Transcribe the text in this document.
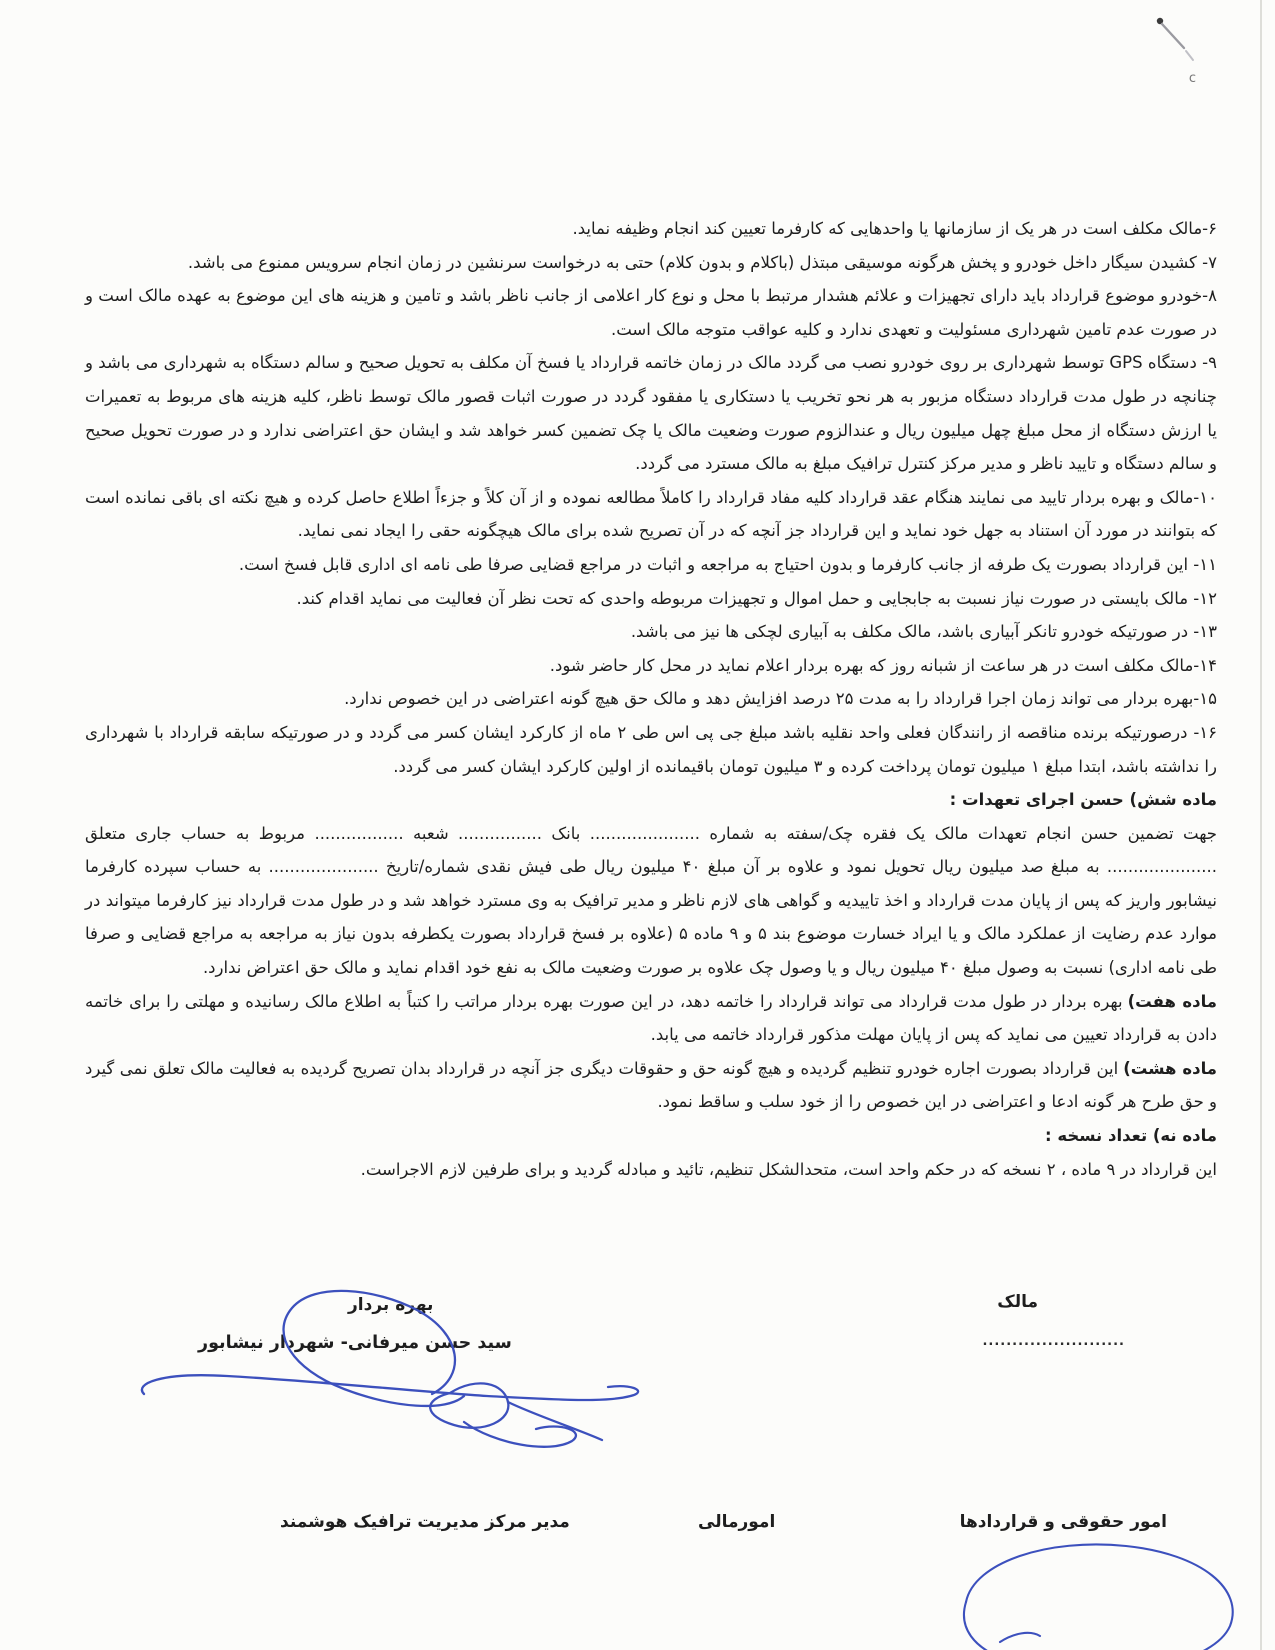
c

۶-مالک مکلف است در هر یک از سازمانها یا واحدهایی که کارفرما تعیین کند انجام وظیفه نماید.

۷- کشیدن سیگار داخل خودرو و پخش هرگونه موسیقی مبتذل (باکلام و بدون کلام) حتی به درخواست سرنشین در زمان انجام سرویس ممنوع می باشد.

۸-خودرو موضوع قرارداد باید دارای تجهیزات و علائم هشدار مرتبط با محل و نوع کار اعلامی از جانب ناظر باشد و تامین و هزینه های این موضوع به عهده مالک است و در صورت عدم تامین شهرداری مسئولیت و تعهدی ندارد و کلیه عواقب متوجه مالک است.

۹- دستگاه GPS توسط شهرداری بر روی خودرو نصب می گردد مالک در زمان خاتمه قرارداد یا فسخ آن مکلف به تحویل صحیح و سالم دستگاه به شهرداری می باشد و چنانچه در طول مدت قرارداد دستگاه مزبور به هر نحو تخریب یا دستکاری یا مفقود گردد در صورت اثبات قصور مالک توسط ناظر، کلیه هزینه های مربوط به تعمیرات یا ارزش دستگاه از محل مبلغ چهل میلیون ریال و عندالزوم صورت وضعیت مالک یا چک تضمین کسر خواهد شد و ایشان حق اعتراضی ندارد و در صورت تحویل صحیح و سالم دستگاه و تایید ناظر و مدیر مرکز کنترل ترافیک مبلغ به مالک مسترد می گردد.

۱۰-مالک و بهره بردار تایید می نمایند هنگام عقد قرارداد کلیه مفاد قرارداد را کاملاً مطالعه نموده و از آن کلاً و جزءاً اطلاع حاصل کرده و هیچ نکته ای باقی نمانده است که بتوانند در مورد آن استناد به جهل خود نماید و این قرارداد جز آنچه که در آن تصریح شده برای مالک هیچگونه حقی را ایجاد نمی نماید.

۱۱- این قرارداد بصورت یک طرفه از جانب کارفرما و بدون احتیاج به مراجعه و اثبات در مراجع قضایی صرفا طی نامه ای اداری قابل فسخ است.

۱۲- مالک بایستی در صورت نیاز نسبت به جابجایی و حمل اموال و تجهیزات مربوطه واحدی که تحت نظر آن فعالیت می نماید اقدام کند.

۱۳- در صورتیکه خودرو تانکر آبیاری باشد، مالک مکلف به آبیاری لچکی ها نیز می باشد.

۱۴-مالک مکلف است در هر ساعت از شبانه روز که بهره بردار اعلام نماید در محل کار حاضر شود.

۱۵-بهره بردار می تواند زمان اجرا قرارداد را به مدت ۲۵ درصد افزایش دهد و مالک حق هیچ گونه اعتراضی در این خصوص ندارد.

۱۶- درصورتیکه برنده مناقصه از رانندگان فعلی واحد نقلیه باشد مبلغ جی پی اس طی ۲ ماه از کارکرد ایشان کسر می گردد و در صورتیکه سابقه قرارداد با شهرداری را نداشته باشد، ابتدا مبلغ ۱ میلیون تومان پرداخت کرده و ۳ میلیون تومان باقیمانده از اولین کارکرد ایشان کسر می گردد.

ماده شش) حسن اجرای تعهدات :

جهت تضمین حسن انجام تعهدات مالک یک فقره چک/سفته به شماره ..................... بانک ................ شعبه ................. مربوط به حساب جاری متعلق ..................... به مبلغ صد میلیون ریال تحویل نمود و علاوه بر آن مبلغ ۴۰ میلیون ریال طی فیش نقدی شماره/تاریخ ..................... به حساب سپرده کارفرما نیشابور واریز که پس از پایان مدت قرارداد و اخذ تاییدیه و گواهی های لازم ناظر و مدیر ترافیک به وی مسترد خواهد شد و در طول مدت قرارداد نیز کارفرما میتواند در موارد عدم رضایت از عملکرد مالک و یا ایراد خسارت موضوع بند ۵ و ۹ ماده ۵ (علاوه بر فسخ قرارداد بصورت یکطرفه بدون نیاز به مراجعه به مراجع قضایی و صرفا طی نامه اداری) نسبت به وصول مبلغ ۴۰ میلیون ریال و یا وصول چک علاوه بر صورت وضعیت مالک به نفع خود اقدام نماید و مالک حق اعتراض ندارد.

ماده هفت)بهره بردار در طول مدت قرارداد می تواند قرارداد را خاتمه دهد، در این صورت بهره بردار مراتب را کتباً به اطلاع مالک رسانیده و مهلتی را برای خاتمه دادن به قرارداد تعیین می نماید که پس از پایان مهلت مذکور قرارداد خاتمه می یابد.

ماده هشت)این قرارداد بصورت اجاره خودرو تنظیم گردیده و هیچ گونه حق و حقوقات دیگری جز آنچه در قرارداد بدان تصریح گردیده به فعالیت مالک تعلق نمی گیرد و حق طرح هر گونه ادعا و اعتراضی در این خصوص را از خود سلب و ساقط نمود.

ماده نه) تعداد نسخه :

این قرارداد در ۹ ماده ، ۲ نسخه که در حکم واحد است، متحدالشکل تنظیم، تائید و مبادله گردید و برای طرفین لازم الاجراست.

مالک
........................
بهره بردار
سید حسن میرفانی- شهردار نیشابور
امور حقوقی و قراردادها
امورمالی
مدیر مرکز مدیریت ترافیک هوشمند
